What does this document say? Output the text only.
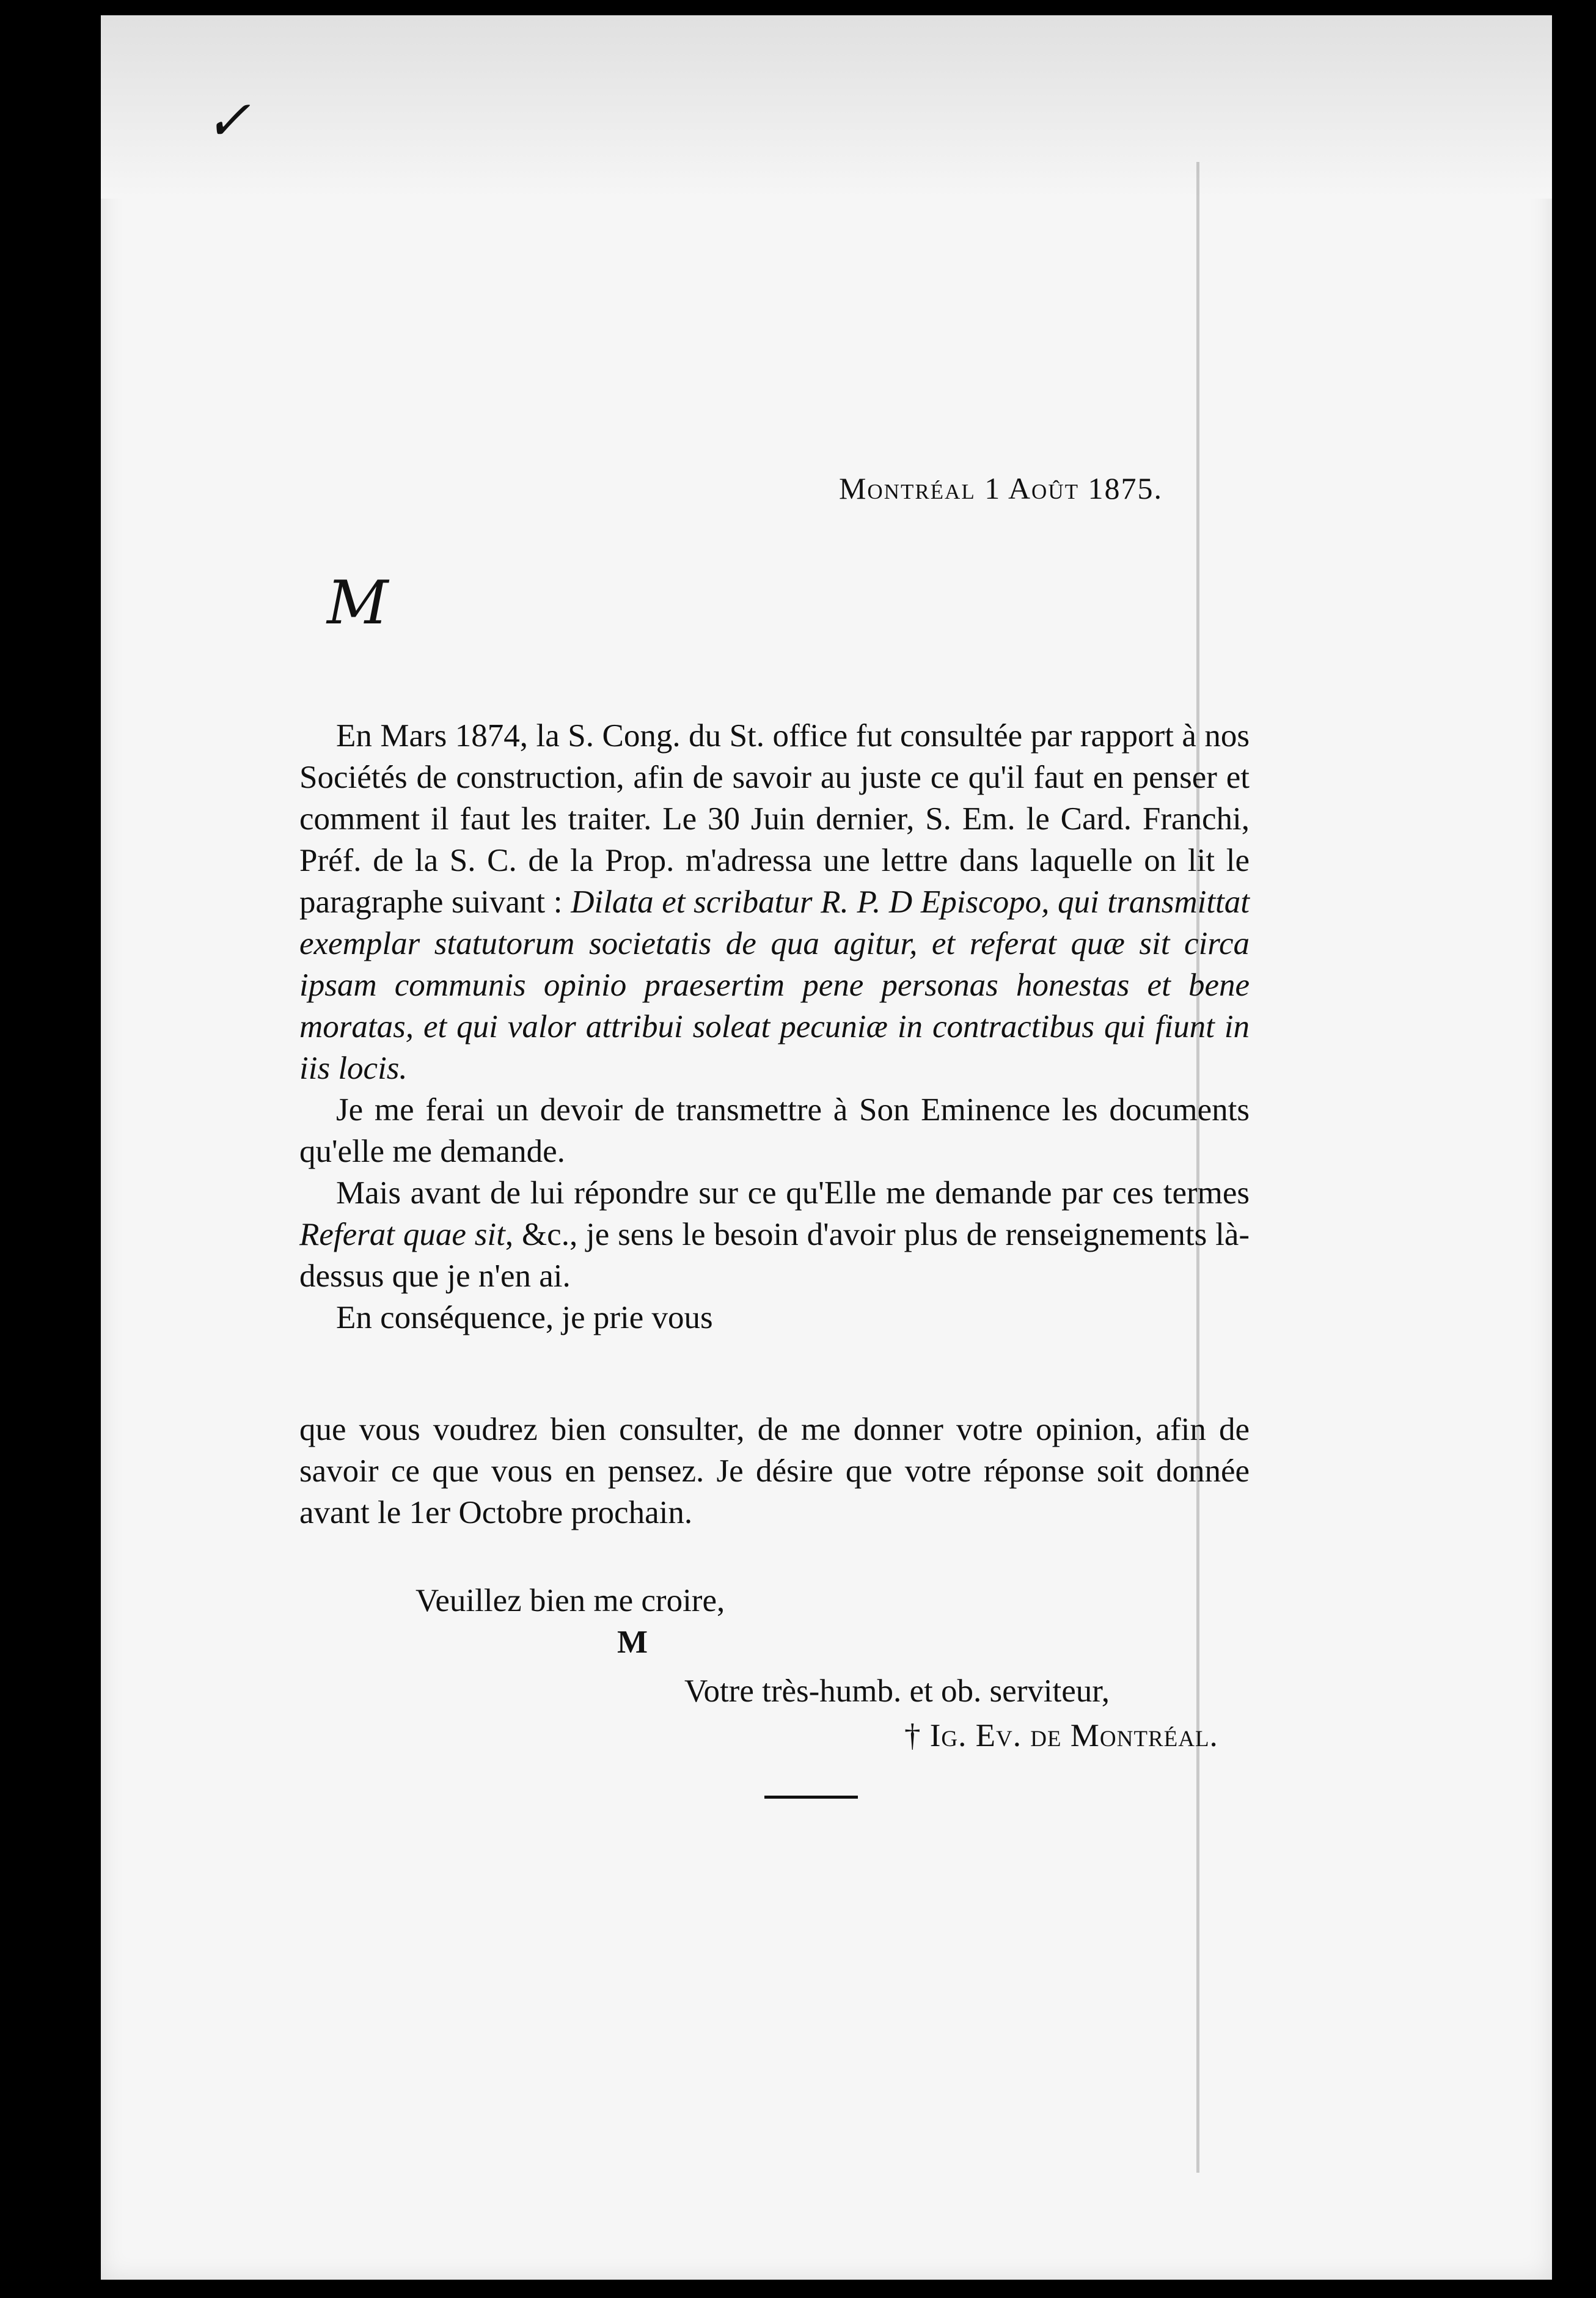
✓
Montréal 1 Août 1875.
M

En Mars 1874, la S. Cong. du St. office fut consultée par rapport à nos Sociétés de construction, afin de savoir au juste ce qu'il faut en penser et comment il faut les traiter. Le 30 Juin dernier, S. Em. le Card. Franchi, Préf. de la S. C. de la Prop. m'adressa une lettre dans laquelle on lit le paragraphe suivant : Dilata et scribatur R. P. D Episcopo, qui transmittat exemplar statutorum societatis de qua agitur, et referat quæ sit circa ipsam communis opinio praesertim pene personas honestas et bene moratas, et qui valor attribui soleat pecuniæ in contractibus qui fiunt in iis locis.

Je me ferai un devoir de transmettre à Son Eminence les documents qu'elle me demande.

Mais avant de lui répondre sur ce qu'Elle me demande par ces termes Referat quae sit, &c., je sens le besoin d'avoir plus de renseignements là-dessus que je n'en ai.

En conséquence, je prie vous

que vous voudrez bien consulter, de me donner votre opinion, afin de savoir ce que vous en pensez. Je désire que votre réponse soit donnée avant le 1er Octobre prochain.

Veuillez bien me croire,
M
Votre très-humb. et ob. serviteur,
† Ig. Ev. de Montréal.
